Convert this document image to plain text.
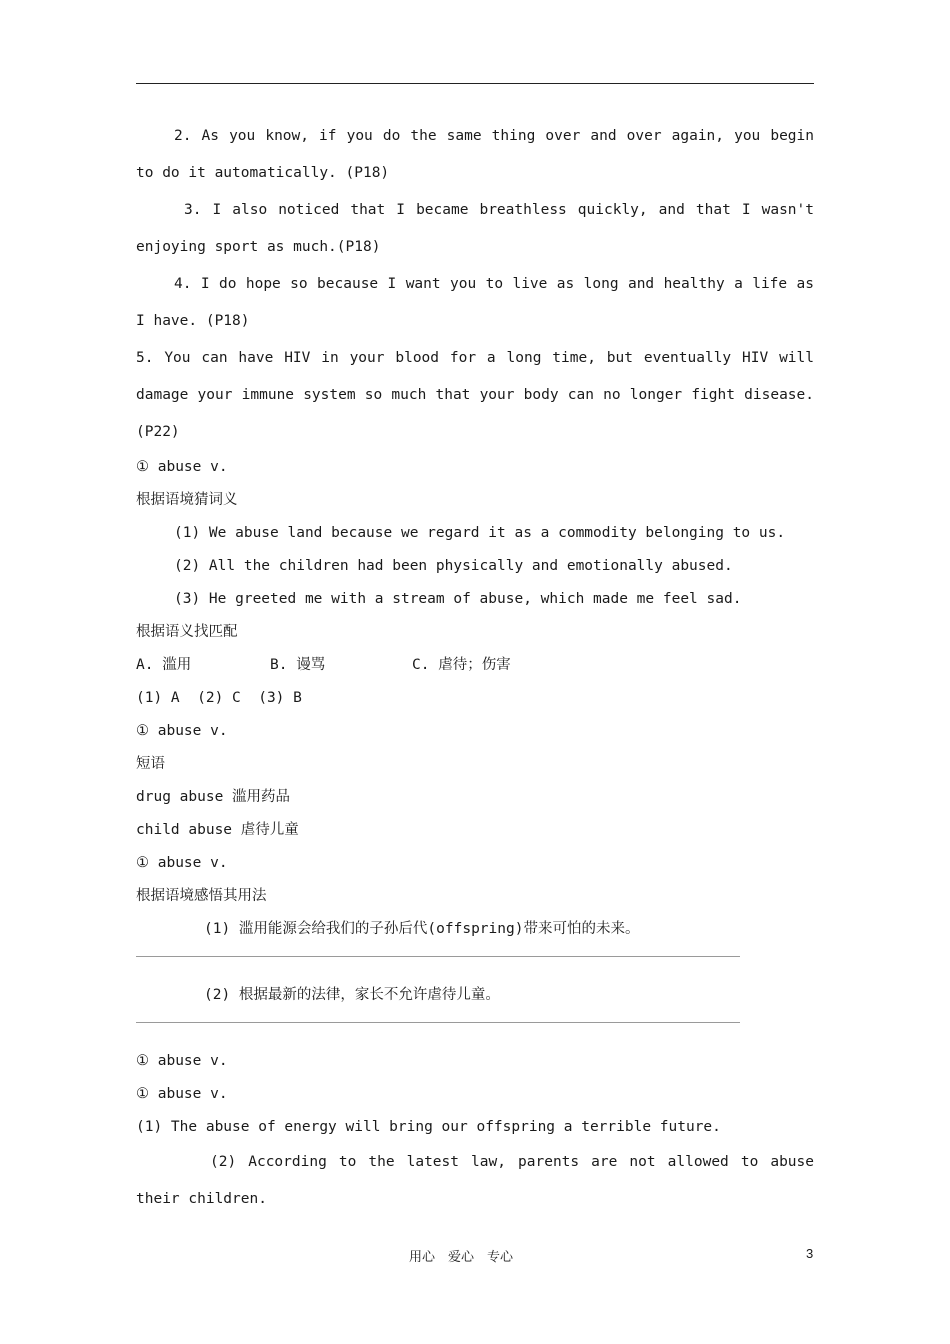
2. As you know, if you do the same thing over and over again, you begin to do it automatically. (P18)

3. I also noticed that I became breathless quickly, and that I wasn't enjoying sport as much.(P18)

4. I do hope so because I want you to live as long and healthy a life as I have. (P18)

5. You can have HIV in your blood for a long time, but eventually HIV will damage your immune system so much that your body can no longer fight disease. (P22)

① abuse v.

根据语境猜词义

(1) We abuse land because we regard it as a commodity belonging to us.

(2) All the children had been physically and emotionally abused.

(3) He greeted me with a stream of abuse, which made me feel sad.

根据语义找匹配

A. 滥用	B. 谩骂	C. 虐待；伤害

(1) A  (2) C  (3) B

① abuse v.

短语

drug abuse 滥用药品

child abuse 虐待儿童

① abuse v.

根据语境感悟其用法

(1) 滥用能源会给我们的子孙后代(offspring)带来可怕的未来。

(2) 根据最新的法律，家长不允许虐待儿童。

① abuse v.

① abuse v.

(1) The abuse of energy will bring our offspring a terrible future.

(2) According to the latest law, parents are not allowed to abuse their children.

用心　爱心　专心	3
